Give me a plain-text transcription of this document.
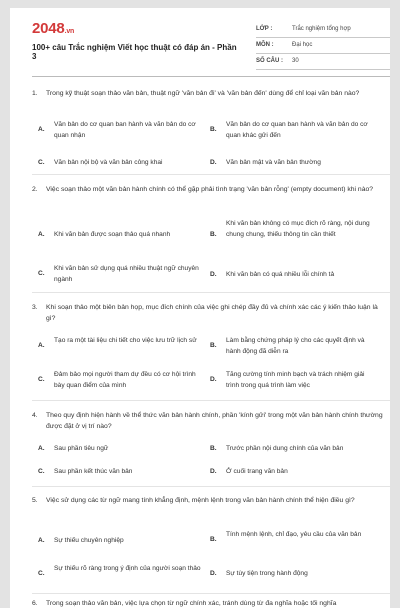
2048.vn
100+ câu Trắc nghiệm Viết học thuật có đáp án - Phần 3
LỚP :	Trắc nghiệm tổng hợp
MÔN :	Đại học
SỐ CÂU : 30
1. Trong kỹ thuật soạn thảo văn bản, thuật ngữ 'văn bản đi' và 'văn bản đến' dùng để chỉ loại văn bản nào?
A.
Văn bản do cơ quan ban hành và văn bản do cơ quan nhận
B.
Văn bản do cơ quan ban hành và văn bản do cơ quan khác gửi đến
C. Văn bản nội bộ và văn bản công khai	D. Văn bản mật và văn bản thường
2. Việc soạn thảo một văn bản hành chính có thể gặp phải tình trạng 'văn bản rỗng' (empty document) khi nào?
A. Khi văn bản được soạn thảo quá nhanh	B.
Khi văn bản không có mục đích rõ ràng, nội dung chung chung, thiếu thông tin cần thiết
C.
Khi văn bản sử dụng quá nhiều thuật ngữ chuyên ngành
D. Khi văn bản có quá nhiều lỗi chính tả
3. Khi soạn thảo một biên bản họp, mục đích chính của việc ghi chép đầy đủ và chính xác các ý kiến thảo luận là gì?
A.
Tạo ra một tài liệu chi tiết cho việc lưu trữ lịch sử
B.
Làm bằng chứng pháp lý cho các quyết định và hành động đã diễn ra
C.
Đảm bảo mọi người tham dự đều có cơ hội trình bày quan điểm của mình
D.
Tăng cường tính minh bạch và trách nhiệm giải trình trong quá trình làm việc
4. Theo quy định hiện hành về thể thức văn bản hành chính, phần 'kính gửi' trong một văn bản hành chính thường được đặt ở vị trí nào?
A. Sau phần tiêu ngữ	B. Trước phần nội dung chính của văn bản
C. Sau phần kết thúc văn bản	D. Ở cuối trang văn bản
5. Việc sử dụng các từ ngữ mang tính khẳng định, mệnh lệnh trong văn bản hành chính thể hiện điều gì?
A. Sự thiếu chuyên nghiệp	B.
Tính mệnh lệnh, chỉ đạo, yêu cầu của văn bản
C.
Sự thiếu rõ ràng trong ý định của người soạn thảo
D. Sự tùy tiện trong hành động
6. Trong soạn thảo văn bản, việc lựa chọn từ ngữ chính xác, tránh dùng từ đa nghĩa hoặc tối nghĩa
